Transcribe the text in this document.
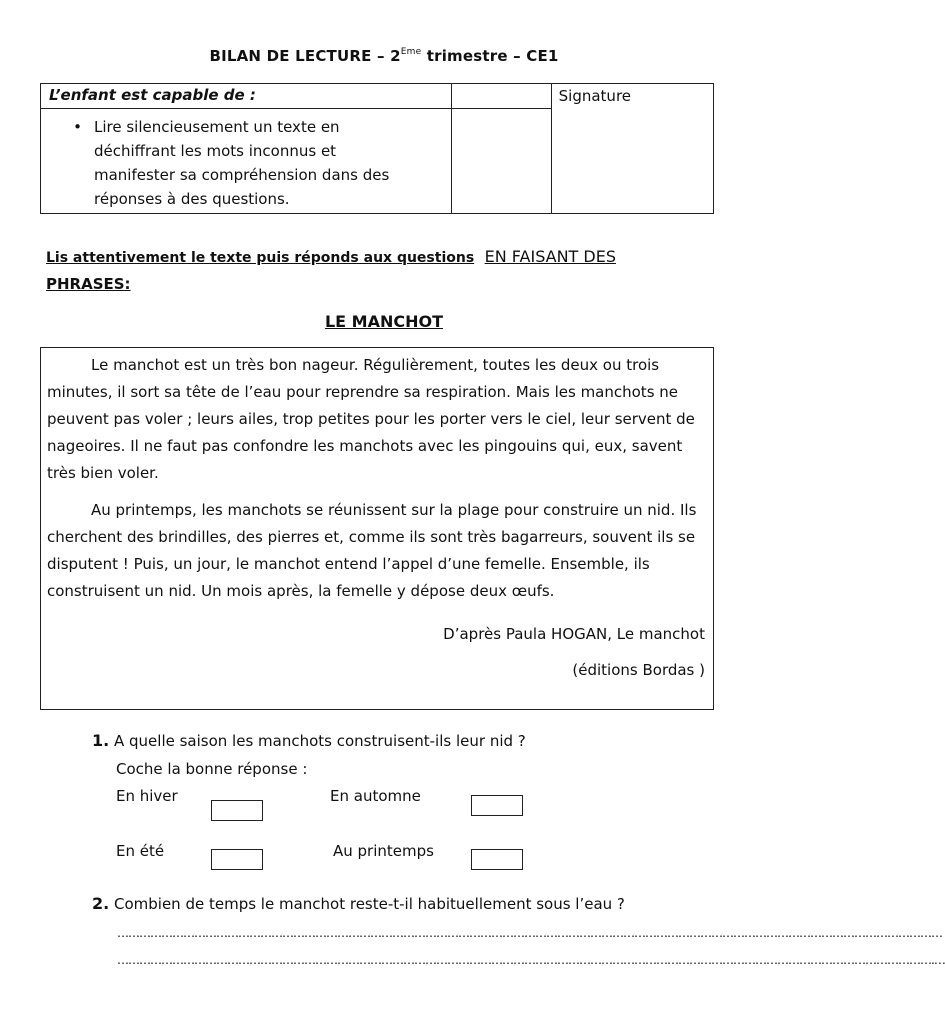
BILAN DE LECTURE – 2Eme trimestre – CE1
L’enfant est capable de :		Signature

• Lire silencieusement un texte en
déchiffrant les mots inconnus et
manifester sa compréhension dans des
réponses à des questions.		

Lis attentivement le texte puis réponds aux questions EN FAISANT DES
PHRASES:
LE MANCHOT

Le manchot est un très bon nageur. Régulièrement, toutes les deux ou trois minutes, il sort sa tête de l’eau pour reprendre sa respiration. Mais les manchots ne peuvent pas voler ; leurs ailes, trop petites pour les porter vers le ciel, leur servent de nageoires. Il ne faut pas confondre les manchots avec les pingouins qui, eux, savent très bien voler.

Au printemps, les manchots se réunissent sur la plage pour construire un nid. Ils cherchent des brindilles, des pierres et, comme ils sont très bagarreurs, souvent ils se disputent ! Puis, un jour, le manchot entend l’appel d’une femelle. Ensemble, ils construisent un nid. Un mois après, la femelle y dépose deux œufs.

D’après Paula HOGAN, Le manchot
(éditions Bordas )
1. A quelle saison les manchots construisent-ils leur nid ?
Coche la bonne réponse :
En hiver	En automne
En été	Au printemps
2. Combien de temps le manchot reste-t-il habituellement sous l’eau ?
………………………………………………………………………………………………………………………………………………………………………………………………………
…………………………………………………………………………………………………………………………………………………………………………………………………….…
